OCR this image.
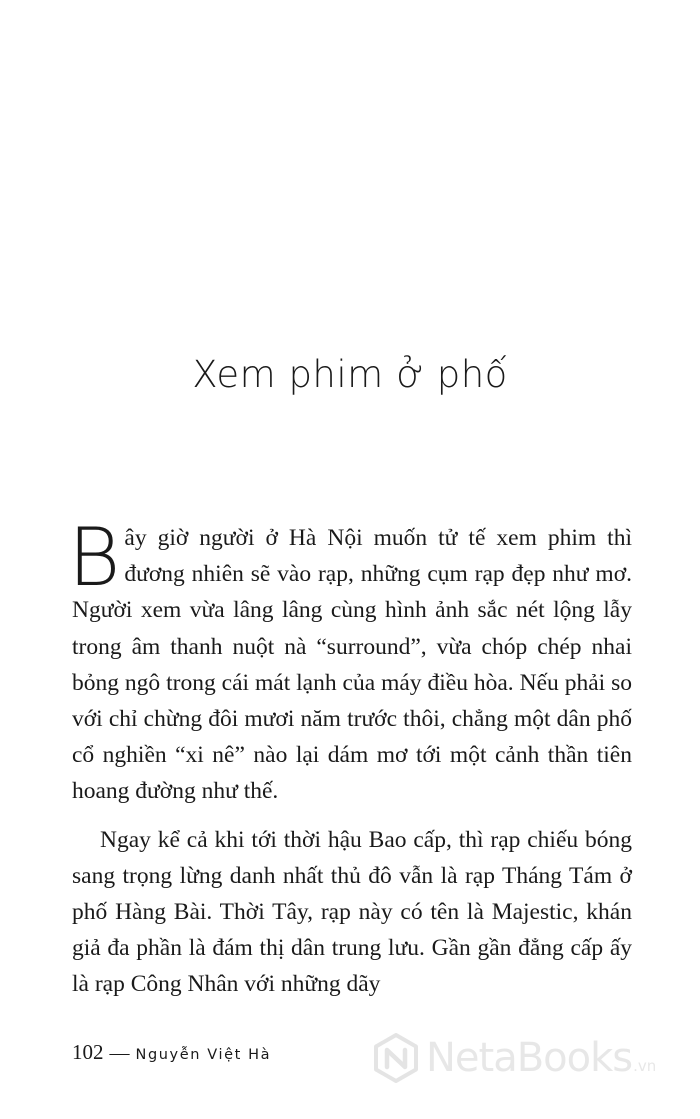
Xem phim ở phố

Bây giờ người ở Hà Nội muốn tử tế xem phim thì đương nhiên sẽ vào rạp, những cụm rạp đẹp như mơ. Người xem vừa lâng lâng cùng hình ảnh sắc nét lộng lẫy trong âm thanh nuột nà “surround”, vừa chóp chép nhai bỏng ngô trong cái mát lạnh của máy điều hòa. Nếu phải so với chỉ chừng đôi mươi năm trước thôi, chẳng một dân phố cổ nghiền “xi nê” nào lại dám mơ tới một cảnh thần tiên hoang đường như thế.

Ngay kể cả khi tới thời hậu Bao cấp, thì rạp chiếu bóng sang trọng lừng danh nhất thủ đô vẫn là rạp Tháng Tám ở phố Hàng Bài. Thời Tây, rạp này có tên là Majestic, khán giả đa phần là đám thị dân trung lưu. Gần gần đẳng cấp ấy là rạp Công Nhân với những dãy

102 — Nguyễn Việt Hà	NetaBooks .vn
